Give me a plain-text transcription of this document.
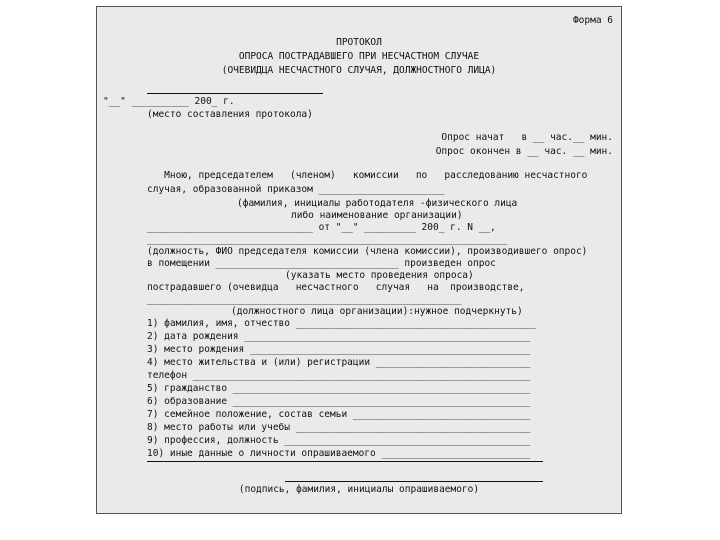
Форма 6
ПРОТОКОЛ
ОПРОСА ПОСТРАДАВШЕГО ПРИ НЕСЧАСТНОМ СЛУЧАЕ
(ОЧЕВИДЦА НЕСЧАСТНОГО СЛУЧАЯ, ДОЛЖНОСТНОГО ЛИЦА)
"__" __________ 200_ г.
(место составления протокола)
Опрос начат   в __ час.__ мин.
Опрос окончен в __ час. __ мин.
Мною, председателем   (членом)   комиссии   по   расследованию несчастного
случая, образованной приказом ______________________
(фамилия, инициалы работодателя -физического лица
либо наименование организации)
_____________________________ от "__" _________ 200_ г. N __,
_______________________________________________________________
(должность, ФИО председателя комиссии (члена комиссии), производившего опрос)
в помещении ________________________________ произведен опрос
(указать место проведения опроса)
пострадавшего (очевидца   несчастного   случая   на  производстве,
_______________________________________________________
(должностного лица организации):нужное подчеркнуть)
1) фамилия, имя, отчество __________________________________________
2) дата рождения __________________________________________________
3) место рождения _________________________________________________
4) место жительства и (или) регистрации ___________________________
телефон ___________________________________________________________
5) гражданство ____________________________________________________
6) образование ____________________________________________________
7) семейное положение, состав семьи _______________________________
8) место работы или учебы _________________________________________
9) профессия, должность ___________________________________________
10) иные данные о личности опрашиваемого __________________________
(подпись, фамилия, инициалы опрашиваемого)
